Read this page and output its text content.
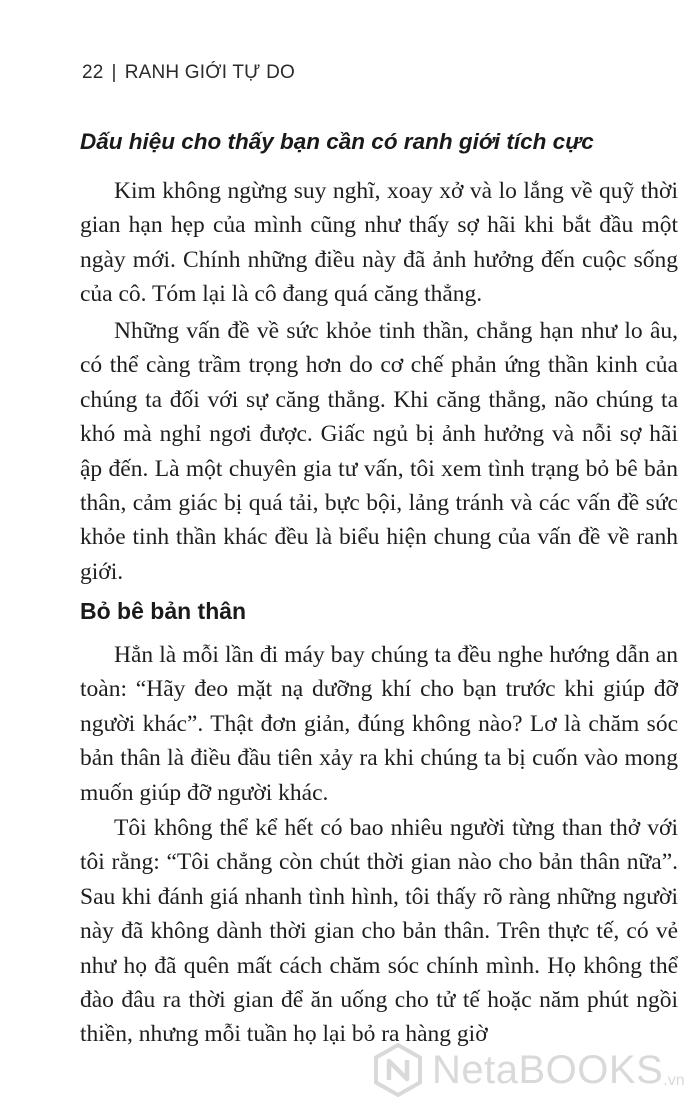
22 | RANH GIỚI TỰ DO
Dấu hiệu cho thấy bạn cần có ranh giới tích cực

Kim không ngừng suy nghĩ, xoay xở và lo lắng về quỹ thời gian hạn hẹp của mình cũng như thấy sợ hãi khi bắt đầu một ngày mới. Chính những điều này đã ảnh hưởng đến cuộc sống của cô. Tóm lại là cô đang quá căng thẳng.

Những vấn đề về sức khỏe tinh thần, chẳng hạn như lo âu, có thể càng trầm trọng hơn do cơ chế phản ứng thần kinh của chúng ta đối với sự căng thẳng. Khi căng thẳng, não chúng ta khó mà nghỉ ngơi được. Giấc ngủ bị ảnh hưởng và nỗi sợ hãi ập đến. Là một chuyên gia tư vấn, tôi xem tình trạng bỏ bê bản thân, cảm giác bị quá tải, bực bội, lảng tránh và các vấn đề sức khỏe tinh thần khác đều là biểu hiện chung của vấn đề về ranh giới.

Bỏ bê bản thân

Hẳn là mỗi lần đi máy bay chúng ta đều nghe hướng dẫn an toàn: “Hãy đeo mặt nạ dưỡng khí cho bạn trước khi giúp đỡ người khác”. Thật đơn giản, đúng không nào? Lơ là chăm sóc bản thân là điều đầu tiên xảy ra khi chúng ta bị cuốn vào mong muốn giúp đỡ người khác.

Tôi không thể kể hết có bao nhiêu người từng than thở với tôi rằng: “Tôi chẳng còn chút thời gian nào cho bản thân nữa”. Sau khi đánh giá nhanh tình hình, tôi thấy rõ ràng những người này đã không dành thời gian cho bản thân. Trên thực tế, có vẻ như họ đã quên mất cách chăm sóc chính mình. Họ không thể đào đâu ra thời gian để ăn uống cho tử tế hoặc năm phút ngồi thiền, nhưng mỗi tuần họ lại bỏ ra hàng giờ

NetaBOOKS .vn
